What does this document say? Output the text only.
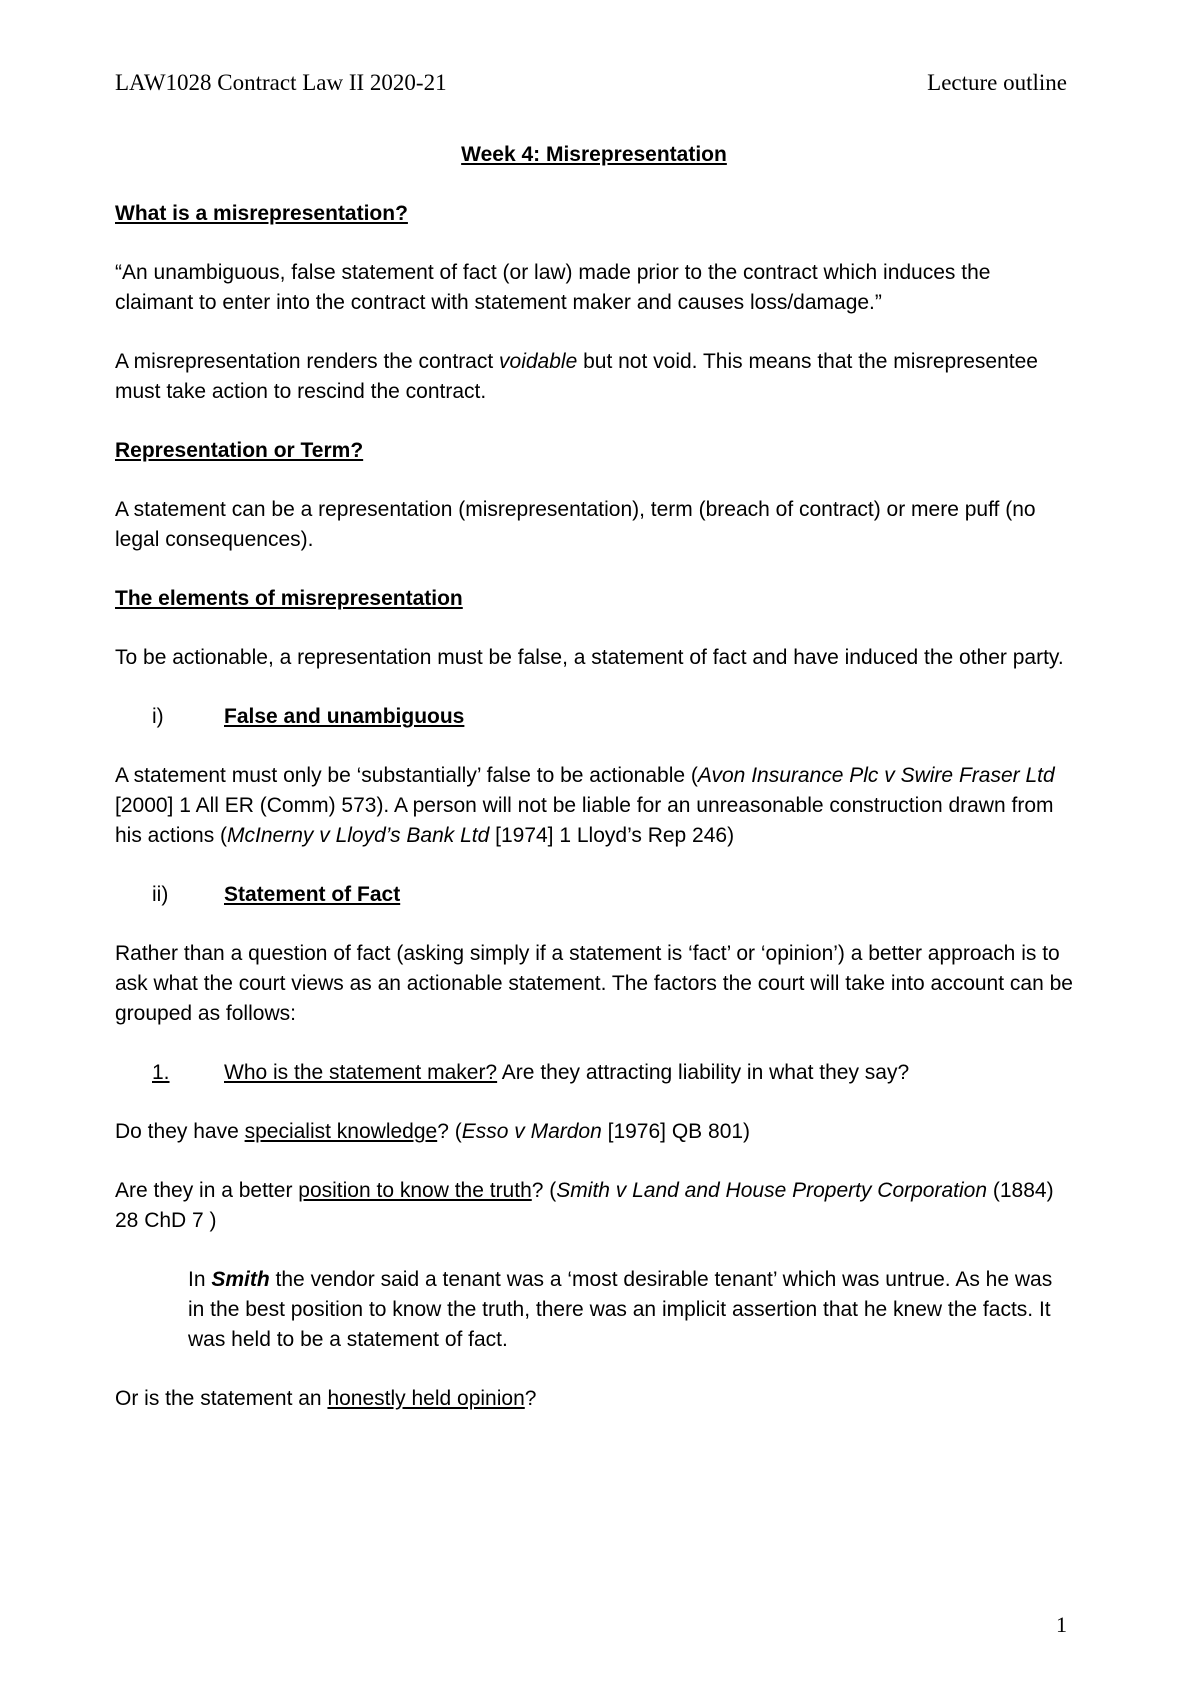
LAW1028 Contract Law II 2020-21	Lecture outline

Week 4: Misrepresentation

What is a misrepresentation?

“An unambiguous, false statement of fact (or law) made prior to the contract which induces the claimant to enter into the contract with statement maker and causes loss/damage.”

A misrepresentation renders the contract voidable but not void. This means that the misrepresentee must take action to rescind the contract.

Representation or Term?

A statement can be a representation (misrepresentation), term (breach of contract) or mere puff (no legal consequences).

The elements of misrepresentation

To be actionable, a representation must be false, a statement of fact and have induced the other party.

i)	False and unambiguous

A statement must only be ‘substantially’ false to be actionable (Avon Insurance Plc v Swire Fraser Ltd [2000] 1 All ER (Comm) 573). A person will not be liable for an unreasonable construction drawn from his actions (McInerny v Lloyd’s Bank Ltd [1974] 1 Lloyd’s Rep 246)

ii)	Statement of Fact

Rather than a question of fact (asking simply if a statement is ‘fact’ or ‘opinion’) a better approach is to ask what the court views as an actionable statement. The factors the court will take into account can be grouped as follows:

1.	Who is the statement maker? Are they attracting liability in what they say?

Do they have specialist knowledge? (Esso v Mardon [1976] QB 801)

Are they in a better position to know the truth? (Smith v Land and House Property Corporation (1884) 28 ChD 7 )

In Smith the vendor said a tenant was a ‘most desirable tenant’ which was untrue. As he was in the best position to know the truth, there was an implicit assertion that he knew the facts. It was held to be a statement of fact.

Or is the statement an honestly held opinion?

1
